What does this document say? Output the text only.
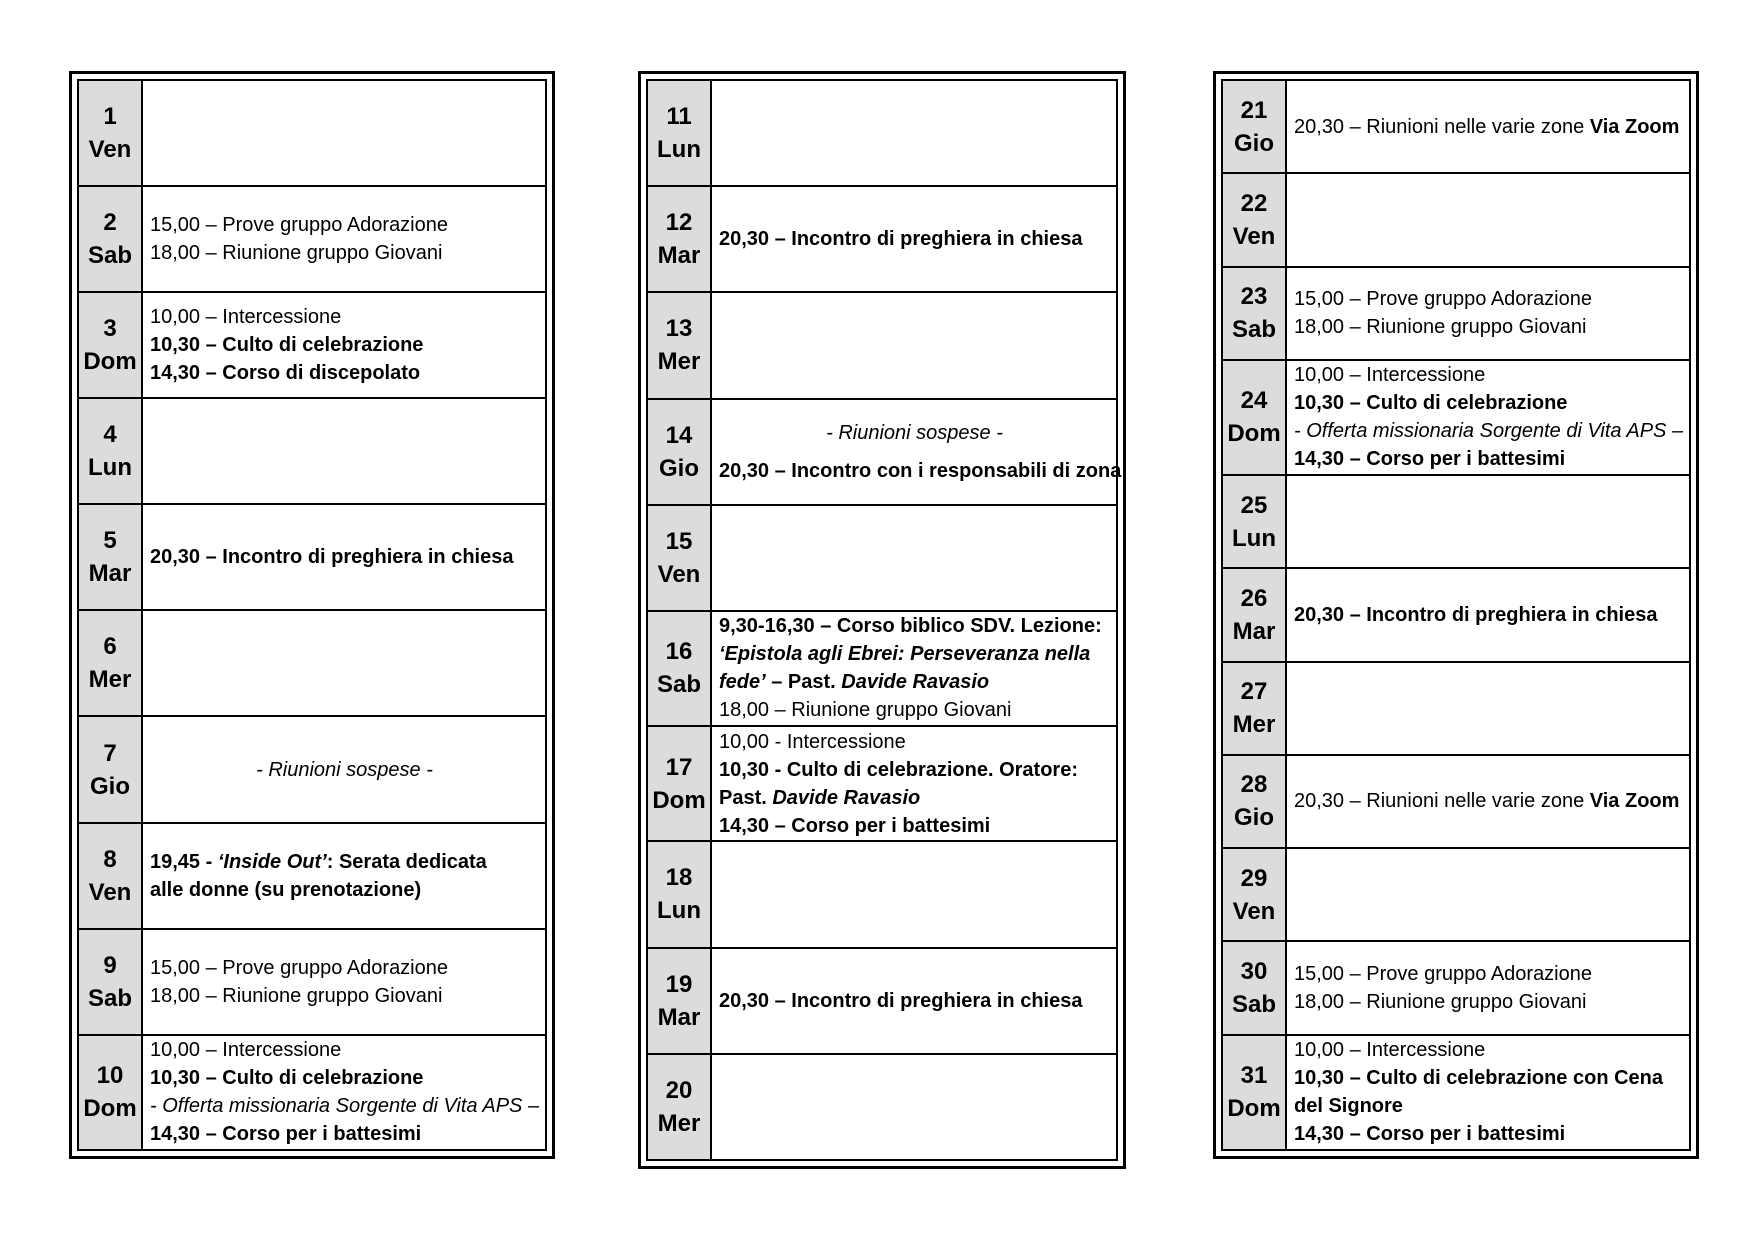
1
Ven	

2
Sab	15,00 – Prove gruppo Adorazione
18,00 – Riunione gruppo Giovani

3
Dom	10,00 – Intercessione
10,30 – Culto di celebrazione
14,30 – Corso di discepolato

4
Lun	

5
Mar	20,30 – Incontro di preghiera in chiesa

6
Mer	

7
Gio	- Riunioni sospese -

8
Ven	19,45 - ‘Inside Out’: Serata dedicata
alle donne (su prenotazione)

9
Sab	15,00 – Prove gruppo Adorazione
18,00 – Riunione gruppo Giovani

10
Dom	10,00 – Intercessione
10,30 – Culto di celebrazione
- Offerta missionaria Sorgente di Vita APS –
14,30 – Corso per i battesimi
11
Lun	

12
Mar	20,30 – Incontro di preghiera in chiesa

13
Mer	

14
Gio	- Riunioni sospese -
20,30 – Incontro con i responsabili di zona

15
Ven	

16
Sab	9,30-16,30 – Corso biblico SDV. Lezione:
‘Epistola agli Ebrei: Perseveranza nella
fede’ – Past. Davide Ravasio
18,00 – Riunione gruppo Giovani

17
Dom	10,00 - Intercessione
10,30 - Culto di celebrazione. Oratore:
Past. Davide Ravasio
14,30 – Corso per i battesimi

18
Lun	

19
Mar	20,30 – Incontro di preghiera in chiesa

20
Mer	

21
Gio	20,30 – Riunioni nelle varie zone Via Zoom

22
Ven	

23
Sab	15,00 – Prove gruppo Adorazione
18,00 – Riunione gruppo Giovani

24
Dom	10,00 – Intercessione
10,30 – Culto di celebrazione
- Offerta missionaria Sorgente di Vita APS –
14,30 – Corso per i battesimi

25
Lun	

26
Mar	20,30 – Incontro di preghiera in chiesa

27
Mer	

28
Gio	20,30 – Riunioni nelle varie zone Via Zoom

29
Ven	

30
Sab	15,00 – Prove gruppo Adorazione
18,00 – Riunione gruppo Giovani

31
Dom	10,00 – Intercessione
10,30 – Culto di celebrazione con Cena
del Signore
14,30 – Corso per i battesimi
